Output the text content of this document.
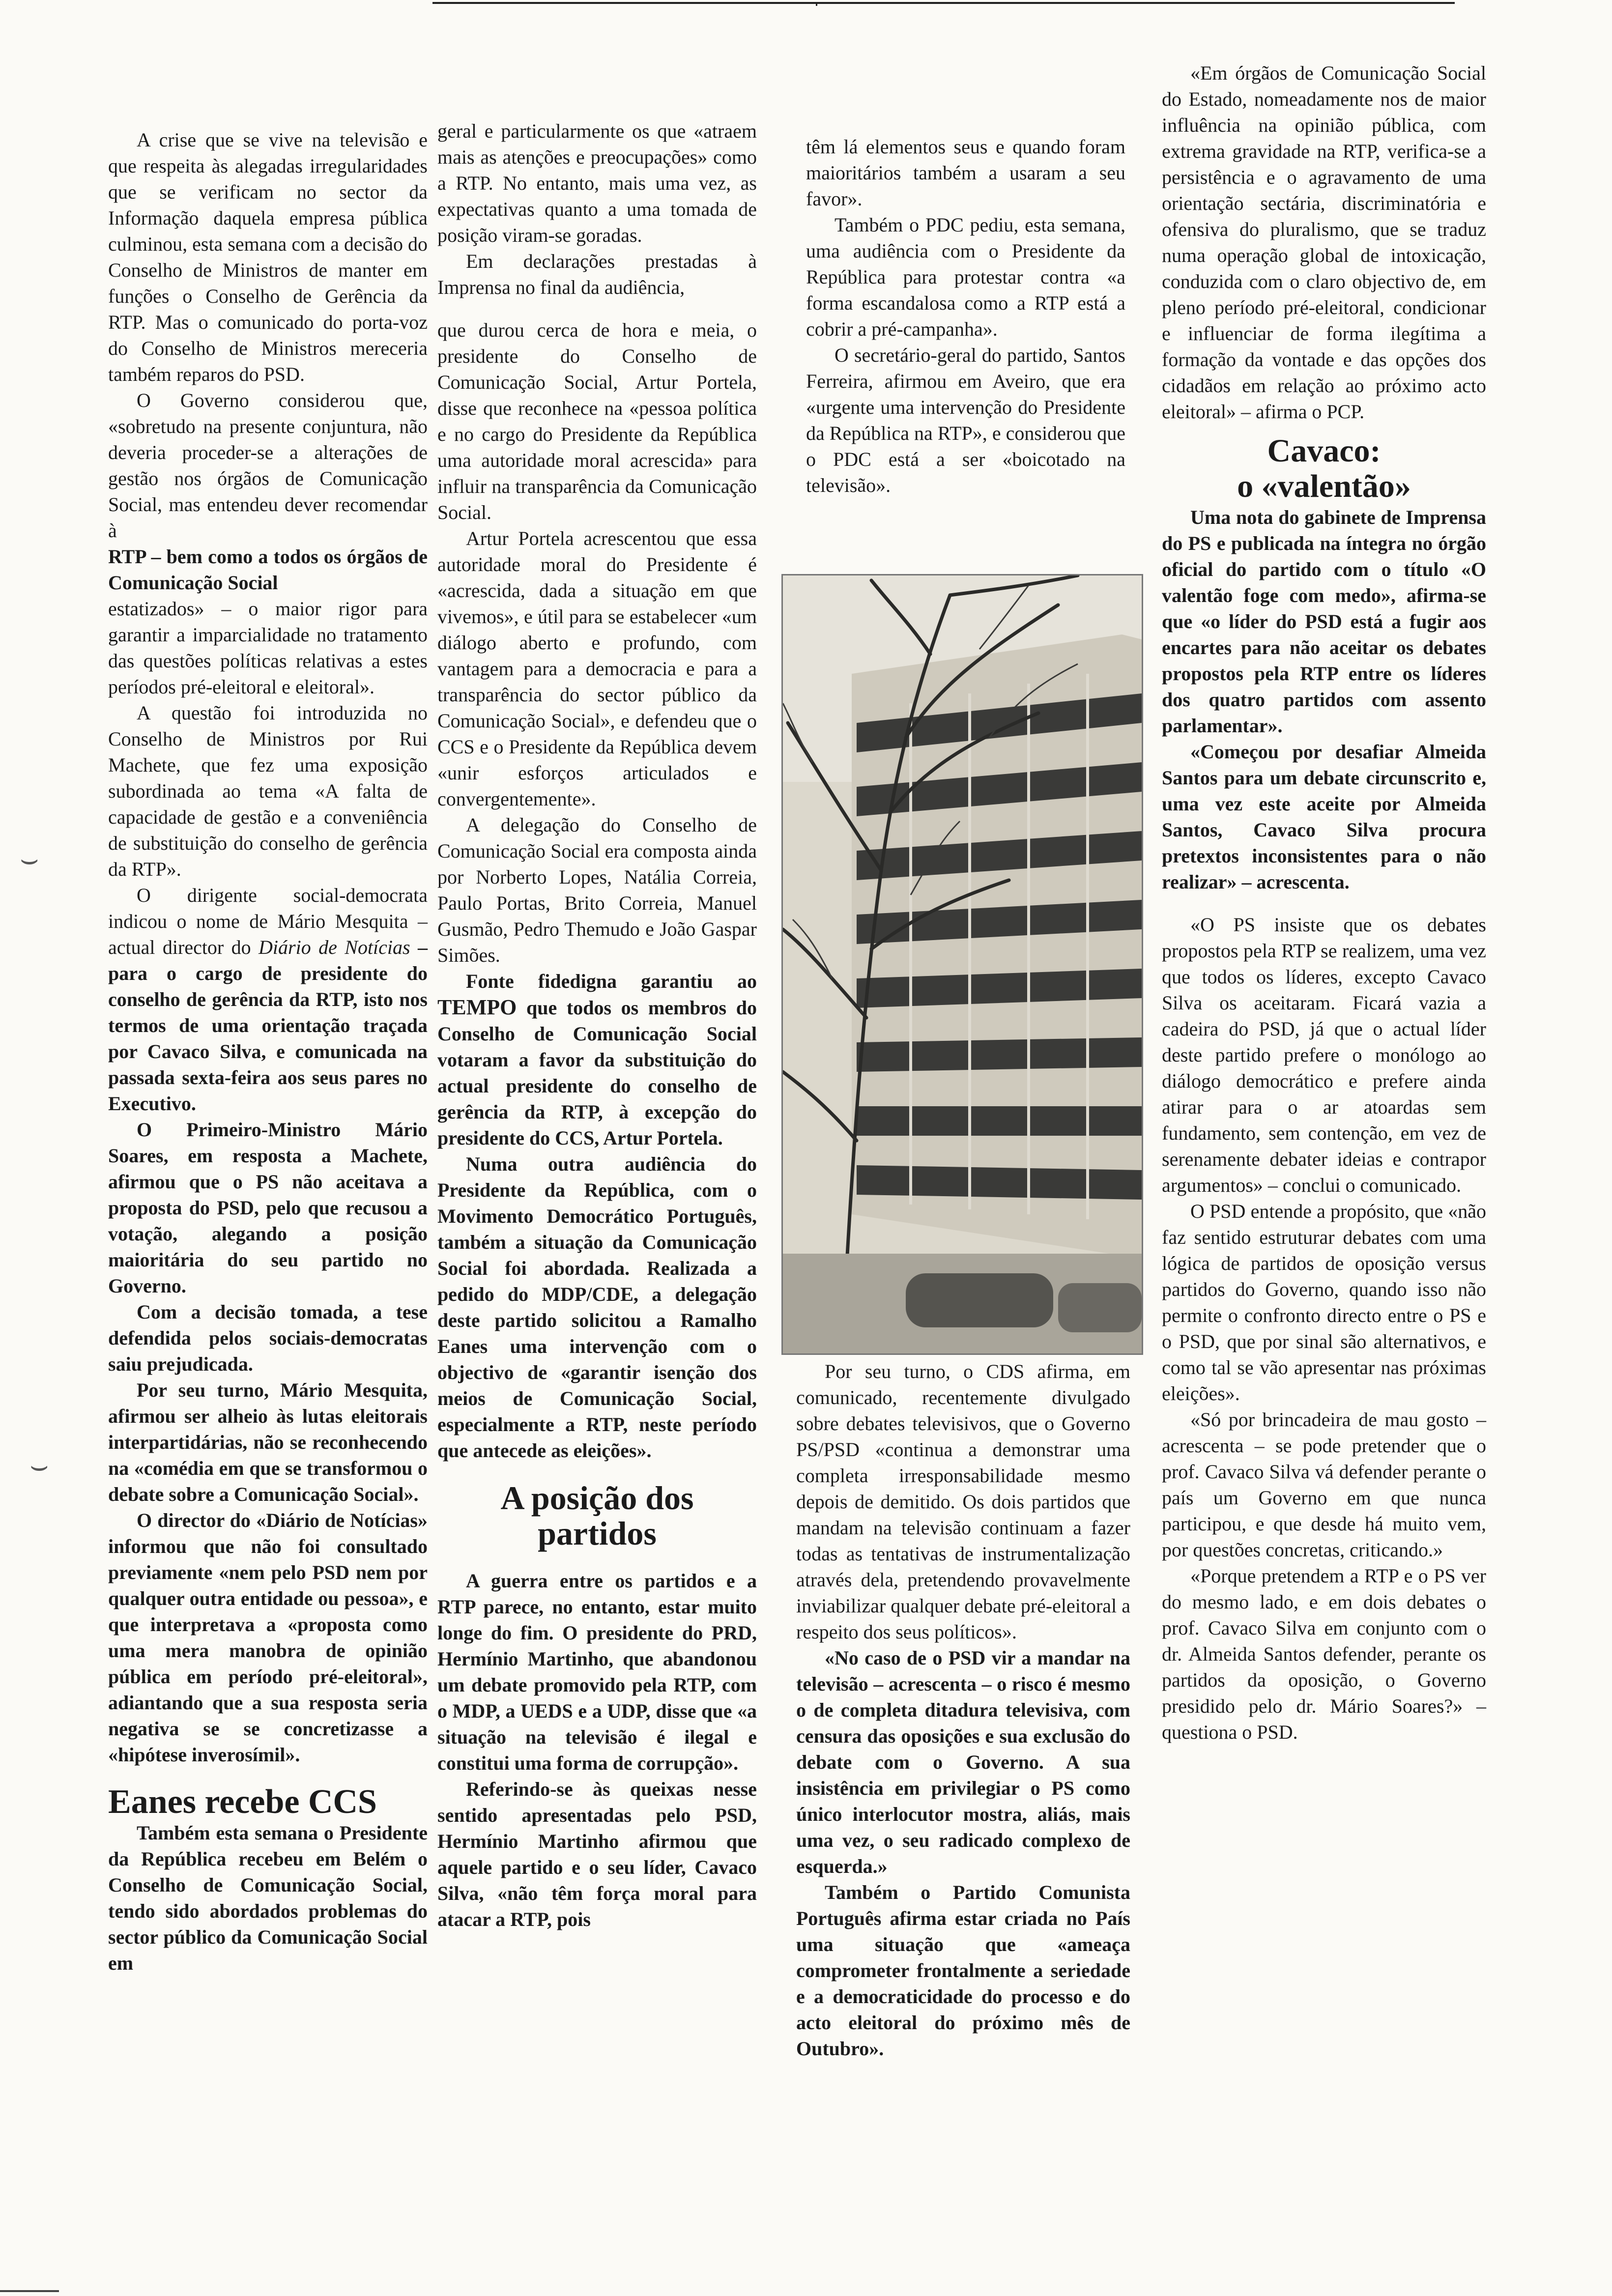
A crise que se vive na televisão e que respeita às alegadas irregularidades que se verificam no sector da Informação daquela empresa pública culminou, esta semana com a decisão do Conselho de Ministros de manter em funções o Conselho de Gerência da RTP. Mas o comunicado do porta-voz do Conselho de Ministros mereceria também reparos do PSD.

O Governo considerou que, «sobretudo na presente conjuntura, não deveria proceder-se a alterações de gestão nos órgãos de Comunicação Social, mas entendeu dever recomendar à

RTP – bem como a todos os órgãos de Comunicação Social

estatizados» – o maior rigor para garantir a imparcialidade no tratamento das questões políticas relativas a estes períodos pré-eleitoral e eleitoral».

A questão foi introduzida no Conselho de Ministros por Rui Machete, que fez uma exposição subordinada ao tema «A falta de capacidade de gestão e a conveniência de substituição do conselho de gerência da RTP».

O dirigente social-democrata indicou o nome de Mário Mesquita – actual director do Diário de Notícias – para o cargo de presidente do conselho de gerência da RTP, isto nos termos de uma orientação traçada por Cavaco Silva, e comunicada na passada sexta-feira aos seus pares no Executivo.

O Primeiro-Ministro Mário Soares, em resposta a Machete, afirmou que o PS não aceitava a proposta do PSD, pelo que recusou a votação, alegando a posição maioritária do seu partido no Governo.

Com a decisão tomada, a tese defendida pelos sociais-democratas saiu prejudicada.

Por seu turno, Mário Mesquita, afirmou ser alheio às lutas eleitorais interpartidárias, não se reconhecendo na «comédia em que se transformou o debate sobre a Comunicação Social».

O director do «Diário de Notícias» informou que não foi consultado previamente «nem pelo PSD nem por qualquer outra entidade ou pessoa», e que interpretava a «proposta como uma mera manobra de opinião pública em período pré-eleitoral», adiantando que a sua resposta seria negativa se se concretizasse a «hipótese inverosímil».

Eanes recebe CCS

Também esta semana o Presidente da República recebeu em Belém o Conselho de Comunicação Social, tendo sido abordados problemas do sector público da Comunicação Social em

geral e particularmente os que «atraem mais as atenções e preocupações» como a RTP. No entanto, mais uma vez, as expectativas quanto a uma tomada de posição viram-se goradas.

Em declarações prestadas à Imprensa no final da audiência,

que durou cerca de hora e meia, o presidente do Conselho de Comunicação Social, Artur Portela, disse que reconhece na «pessoa política e no cargo do Presidente da República uma autoridade moral acrescida» para influir na transparência da Comunicação Social.

Artur Portela acrescentou que essa autoridade moral do Presidente é «acrescida, dada a situação em que vivemos», e útil para se estabelecer «um diálogo aberto e profundo, com vantagem para a democracia e para a transparência do sector público da Comunicação Social», e defendeu que o CCS e o Presidente da República devem «unir esforços articulados e convergentemente».

A delegação do Conselho de Comunicação Social era composta ainda por Norberto Lopes, Natália Correia, Paulo Portas, Brito Correia, Manuel Gusmão, Pedro Themudo e João Gaspar Simões.

Fonte fidedigna garantiu ao TEMPO que todos os membros do Conselho de Comunicação Social votaram a favor da substituição do actual presidente do conselho de gerência da RTP, à excepção do presidente do CCS, Artur Portela.

Numa outra audiência do Presidente da República, com o Movimento Democrático Português, também a situação da Comunicação Social foi abordada. Realizada a pedido do MDP/CDE, a delegação deste partido solicitou a Ramalho Eanes uma intervenção com o objectivo de «garantir isenção dos meios de Comunicação Social, especialmente a RTP, neste período que antecede as eleições».

A posição dos partidos

A guerra entre os partidos e a RTP parece, no entanto, estar muito longe do fim. O presidente do PRD, Hermínio Martinho, que abandonou um debate promovido pela RTP, com o MDP, a UEDS e a UDP, disse que «a situação na televisão é ilegal e constitui uma forma de corrupção».

Referindo-se às queixas nesse sentido apresentadas pelo PSD, Hermínio Martinho afirmou que aquele partido e o seu líder, Cavaco Silva, «não têm força moral para atacar a RTP, pois

têm lá elementos seus e quando foram maioritários também a usaram a seu favor».

Também o PDC pediu, esta semana, uma audiência com o Presidente da República para protestar contra «a forma escandalosa como a RTP está a cobrir a pré-campanha».

O secretário-geral do partido, Santos Ferreira, afirmou em Aveiro, que era «urgente uma intervenção do Presidente da República na RTP», e considerou que o PDC está a ser «boicotado na televisão».

Por seu turno, o CDS afirma, em comunicado, recentemente divulgado sobre debates televisivos, que o Governo PS/PSD «continua a demonstrar uma completa irresponsabilidade mesmo depois de demitido. Os dois partidos que mandam na televisão continuam a fazer todas as tentativas de instrumentalização através dela, pretendendo provavelmente inviabilizar qualquer debate pré-eleitoral a respeito dos seus políticos».

«No caso de o PSD vir a mandar na televisão – acrescenta – o risco é mesmo o de completa ditadura televisiva, com censura das oposições e sua exclusão do debate com o Governo. A sua insistência em privilegiar o PS como único interlocutor mostra, aliás, mais uma vez, o seu radicado complexo de esquerda.»

Também o Partido Comunista Português afirma estar criada no País uma situação que «ameaça comprometer frontalmente a seriedade e a democraticidade do processo e do acto eleitoral do próximo mês de Outubro».

«Em órgãos de Comunicação Social do Estado, nomeadamente nos de maior influência na opinião pública, com extrema gravidade na RTP, verifica-se a persistência e o agravamento de uma orientação sectária, discriminatória e ofensiva do pluralismo, que se traduz numa operação global de intoxicação, conduzida com o claro objectivo de, em pleno período pré-eleitoral, condicionar e influenciar de forma ilegítima a formação da vontade e das opções dos cidadãos em relação ao próximo acto eleitoral» – afirma o PCP.

Cavaco:
o «valentão»

Uma nota do gabinete de Imprensa do PS e publicada na íntegra no órgão oficial do partido com o título «O valentão foge com medo», afirma-se que «o líder do PSD está a fugir aos encartes para não aceitar os debates propostos pela RTP entre os líderes dos quatro partidos com assento parlamentar».

«Começou por desafiar Almeida Santos para um debate circunscrito e, uma vez este aceite por Almeida Santos, Cavaco Silva procura pretextos inconsistentes para o não realizar» – acrescenta.

«O PS insiste que os debates propostos pela RTP se realizem, uma vez que todos os líderes, excepto Cavaco Silva os aceitaram. Ficará vazia a cadeira do PSD, já que o actual líder deste partido prefere o monólogo ao diálogo democrático e prefere ainda atirar para o ar atoardas sem fundamento, sem contenção, em vez de serenamente debater ideias e contrapor argumentos» – conclui o comunicado.

O PSD entende a propósito, que «não faz sentido estruturar debates com uma lógica de partidos de oposição versus partidos do Governo, quando isso não permite o confronto directo entre o PS e o PSD, que por sinal são alternativos, e como tal se vão apresentar nas próximas eleições».

«Só por brincadeira de mau gosto – acrescenta – se pode pretender que o prof. Cavaco Silva vá defender perante o país um Governo em que nunca participou, e que desde há muito vem, por questões concretas, criticando.»

«Porque pretendem a RTP e o PS ver do mesmo lado, e em dois debates o prof. Cavaco Silva em conjunto com o dr. Almeida Santos defender, perante os partidos da oposição, o Governo presidido pelo dr. Mário Soares?» – questiona o PSD.

⌣
⌣
